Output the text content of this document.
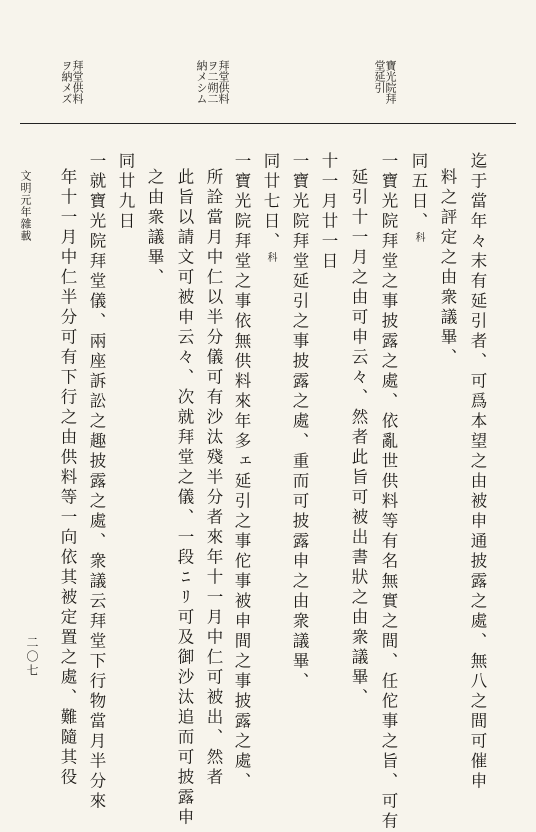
寶光院拜
堂延引
拜堂供料
ヲ二朔二
納メシム
拜堂供料
ヲ納メズ
迄于當年々末有延引者、可爲本望之由被申通披露之處、無八之間可催申
料之評定之由衆議畢、
同五日、科
一寶光院拜堂之事披露之處、依亂世供料等有名無實之間、任佗事之旨、可有
延引十一月之由可申云々、然者此旨可被出書狀之由衆議畢、
十一月廿一日
一寶光院拜堂延引之事披露之處、重而可披露申之由衆議畢、
同廿七日、科
一寶光院拜堂之事依無供料來年多ェ延引之事佗事被申間之事披露之處、
所詮當月中仁以半分儀可有沙汰殘半分者來年十一月中仁可被出、然者
此旨以請文可被申云々、次就拜堂之儀、一段ﾆﾘ可及御沙汰追而可披露申
之由衆議畢、
同廿九日
一就寶光院拜堂儀、兩座訴訟之趣披露之處、衆議云拜堂下行物當月半分來
年十一月中仁半分可有下行之由供料等一向依其被定置之處、難隨其役
文明元年雜載
二〇七
